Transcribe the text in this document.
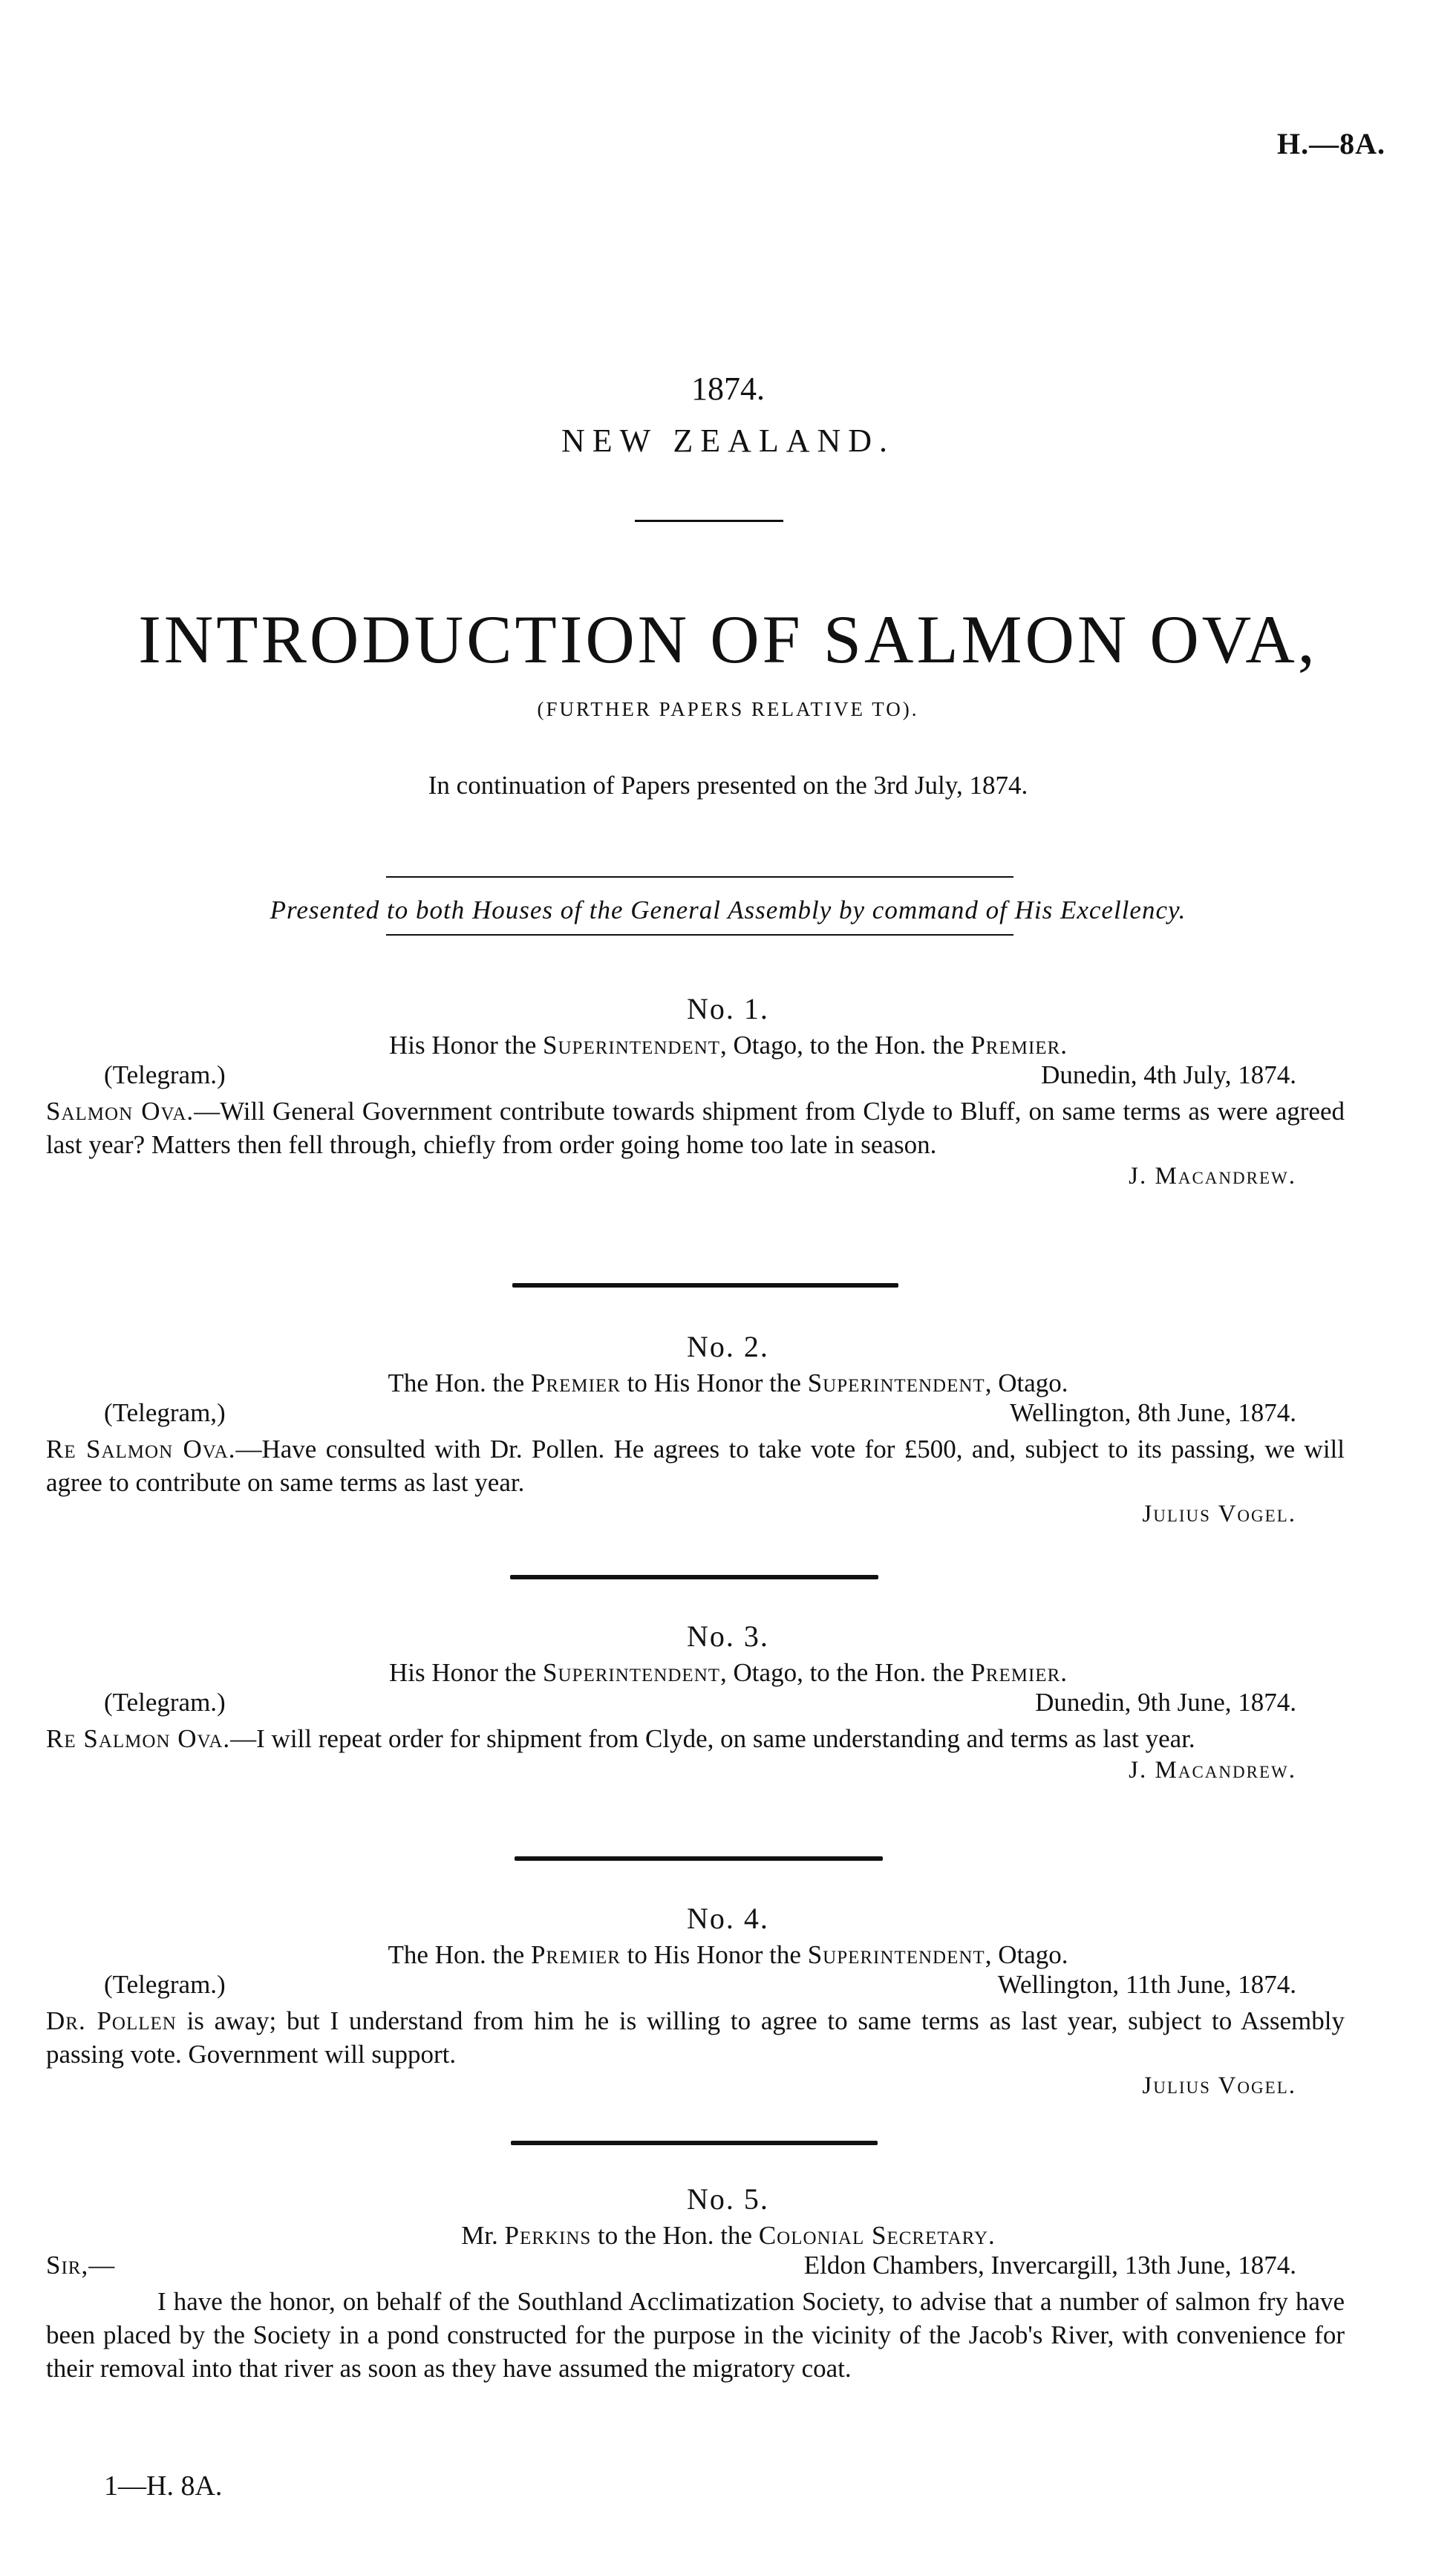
H.—8A.
1874.
NEW ZEALAND.
INTRODUCTION OF SALMON OVA,
(FURTHER PAPERS RELATIVE TO).
In continuation of Papers presented on the 3rd July, 1874.
Presented to both Houses of the General Assembly by command of His Excellency.
No. 1.
His Honor the Superintendent, Otago, to the Hon. the Premier.
(Telegram.)	Dunedin, 4th July, 1874.
Salmon Ova.—Will General Government contribute towards shipment from Clyde to Bluff, on same terms as were agreed last year? Matters then fell through, chiefly from order going home too late in season.
J. Macandrew.
No. 2.
The Hon. the Premier to His Honor the Superintendent, Otago.
(Telegram,)	Wellington, 8th June, 1874.
Re Salmon Ova.—Have consulted with Dr. Pollen. He agrees to take vote for £500, and, subject to its passing, we will agree to contribute on same terms as last year.
Julius Vogel.
No. 3.
His Honor the Superintendent, Otago, to the Hon. the Premier.
(Telegram.)	Dunedin, 9th June, 1874.
Re Salmon Ova.—I will repeat order for shipment from Clyde, on same understanding and terms as last year.
J. Macandrew.
No. 4.
The Hon. the Premier to His Honor the Superintendent, Otago.
(Telegram.)	Wellington, 11th June, 1874.
Dr. Pollen is away; but I understand from him he is willing to agree to same terms as last year, subject to Assembly passing vote. Government will support.
Julius Vogel.
No. 5.
Mr. Perkins to the Hon. the Colonial Secretary.
Sir,—	Eldon Chambers, Invercargill, 13th June, 1874.
I have the honor, on behalf of the Southland Acclimatization Society, to advise that a number of salmon fry have been placed by the Society in a pond constructed for the purpose in the vicinity of the Jacob's River, with convenience for their removal into that river as soon as they have assumed the migratory coat.
1—H. 8A.
